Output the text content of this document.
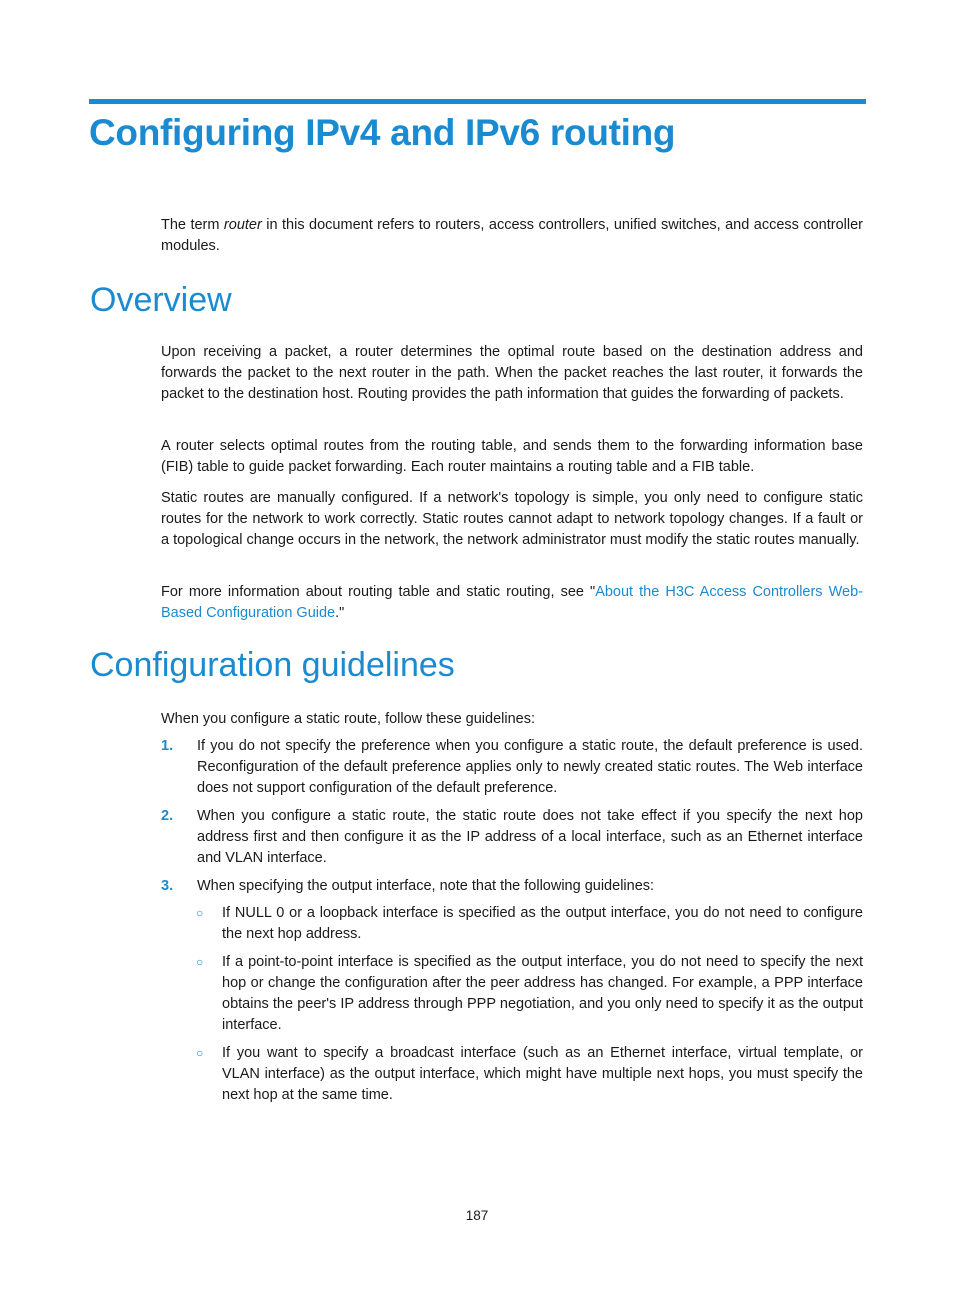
Configuring IPv4 and IPv6 routing

The term router in this document refers to routers, access controllers, unified switches, and access controller modules.

Overview

Upon receiving a packet, a router determines the optimal route based on the destination address and forwards the packet to the next router in the path. When the packet reaches the last router, it forwards the packet to the destination host. Routing provides the path information that guides the forwarding of packets.

A router selects optimal routes from the routing table, and sends them to the forwarding information base (FIB) table to guide packet forwarding. Each router maintains a routing table and a FIB table.

Static routes are manually configured. If a network's topology is simple, you only need to configure static routes for the network to work correctly. Static routes cannot adapt to network topology changes. If a fault or a topological change occurs in the network, the network administrator must modify the static routes manually.

For more information about routing table and static routing, see "About the H3C Access Controllers Web-Based Configuration Guide."

Configuration guidelines

When you configure a static route, follow these guidelines:

1. If you do not specify the preference when you configure a static route, the default preference is used. Reconfiguration of the default preference applies only to newly created static routes. The Web interface does not support configuration of the default preference.

2. When you configure a static route, the static route does not take effect if you specify the next hop address first and then configure it as the IP address of a local interface, such as an Ethernet interface and VLAN interface.

3. When specifying the output interface, note that the following guidelines:

○ If NULL 0 or a loopback interface is specified as the output interface, you do not need to configure the next hop address.

○ If a point-to-point interface is specified as the output interface, you do not need to specify the next hop or change the configuration after the peer address has changed. For example, a PPP interface obtains the peer's IP address through PPP negotiation, and you only need to specify it as the output interface.

○ If you want to specify a broadcast interface (such as an Ethernet interface, virtual template, or VLAN interface) as the output interface, which might have multiple next hops, you must specify the next hop at the same time.

187
